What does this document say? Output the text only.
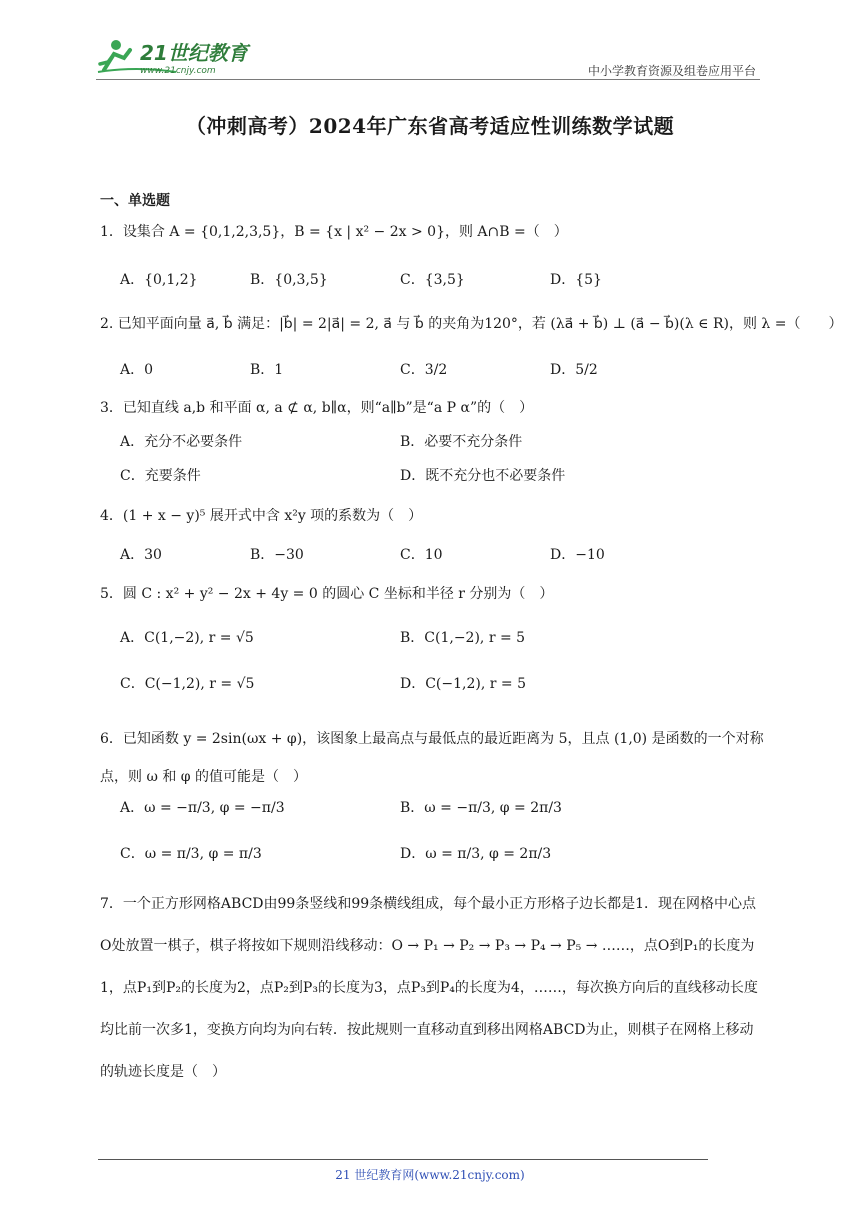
21世纪教育
www.21cnjy.com	中小学教育资源及组卷应用平台
（冲刺高考）2024年广东省高考适应性训练数学试题
一、单选题
1．设集合 A = {0,1,2,3,5}，B = {x | x² − 2x > 0}，则 A∩B =（　）
A．{0,1,2}	B．{0,3,5}	C．{3,5}	D．{5}
2. 已知平面向量 a⃗, b⃗ 满足：|b⃗| = 2|a⃗| = 2, a⃗ 与 b⃗ 的夹角为120°，若 (λa⃗ + b⃗) ⊥ (a⃗ − b⃗)(λ ∈ R)，则 λ =（　　）
A．0	B．1	C．3/2	D．5/2
3．已知直线 a,b 和平面 α, a ⊄ α, b∥α，则“a∥b”是“a P α”的（　）
A．充分不必要条件	B．必要不充分条件
C．充要条件	D．既不充分也不必要条件
4．(1 + x − y)⁵ 展开式中含 x²y 项的系数为（　）
A．30	B．−30	C．10	D．−10
5．圆 C : x² + y² − 2x + 4y = 0 的圆心 C 坐标和半径 r 分别为（　）
A．C(1,−2), r = √5	B．C(1,−2), r = 5
C．C(−1,2), r = √5	D．C(−1,2), r = 5
6．已知函数 y = 2sin(ωx + φ)，该图象上最高点与最低点的最近距离为 5，且点 (1,0) 是函数的一个对称点，则 ω 和 φ 的值可能是（　）
A．ω = −π/3, φ = −π/3	B．ω = −π/3, φ = 2π/3
C．ω = π/3, φ = π/3	D．ω = π/3, φ = 2π/3
7．一个正方形网格ABCD由99条竖线和99条横线组成，每个最小正方形格子边长都是1．现在网格中心点O处放置一棋子，棋子将按如下规则沿线移动：O → P₁ → P₂ → P₃ → P₄ → P₅ → ……，点O到P₁的长度为1，点P₁到P₂的长度为2，点P₂到P₃的长度为3，点P₃到P₄的长度为4，……，每次换方向后的直线移动长度均比前一次多1，变换方向均为向右转．按此规则一直移动直到移出网格ABCD为止，则棋子在网格上移动的轨迹长度是（　）
21 世纪教育网(www.21cnjy.com)
